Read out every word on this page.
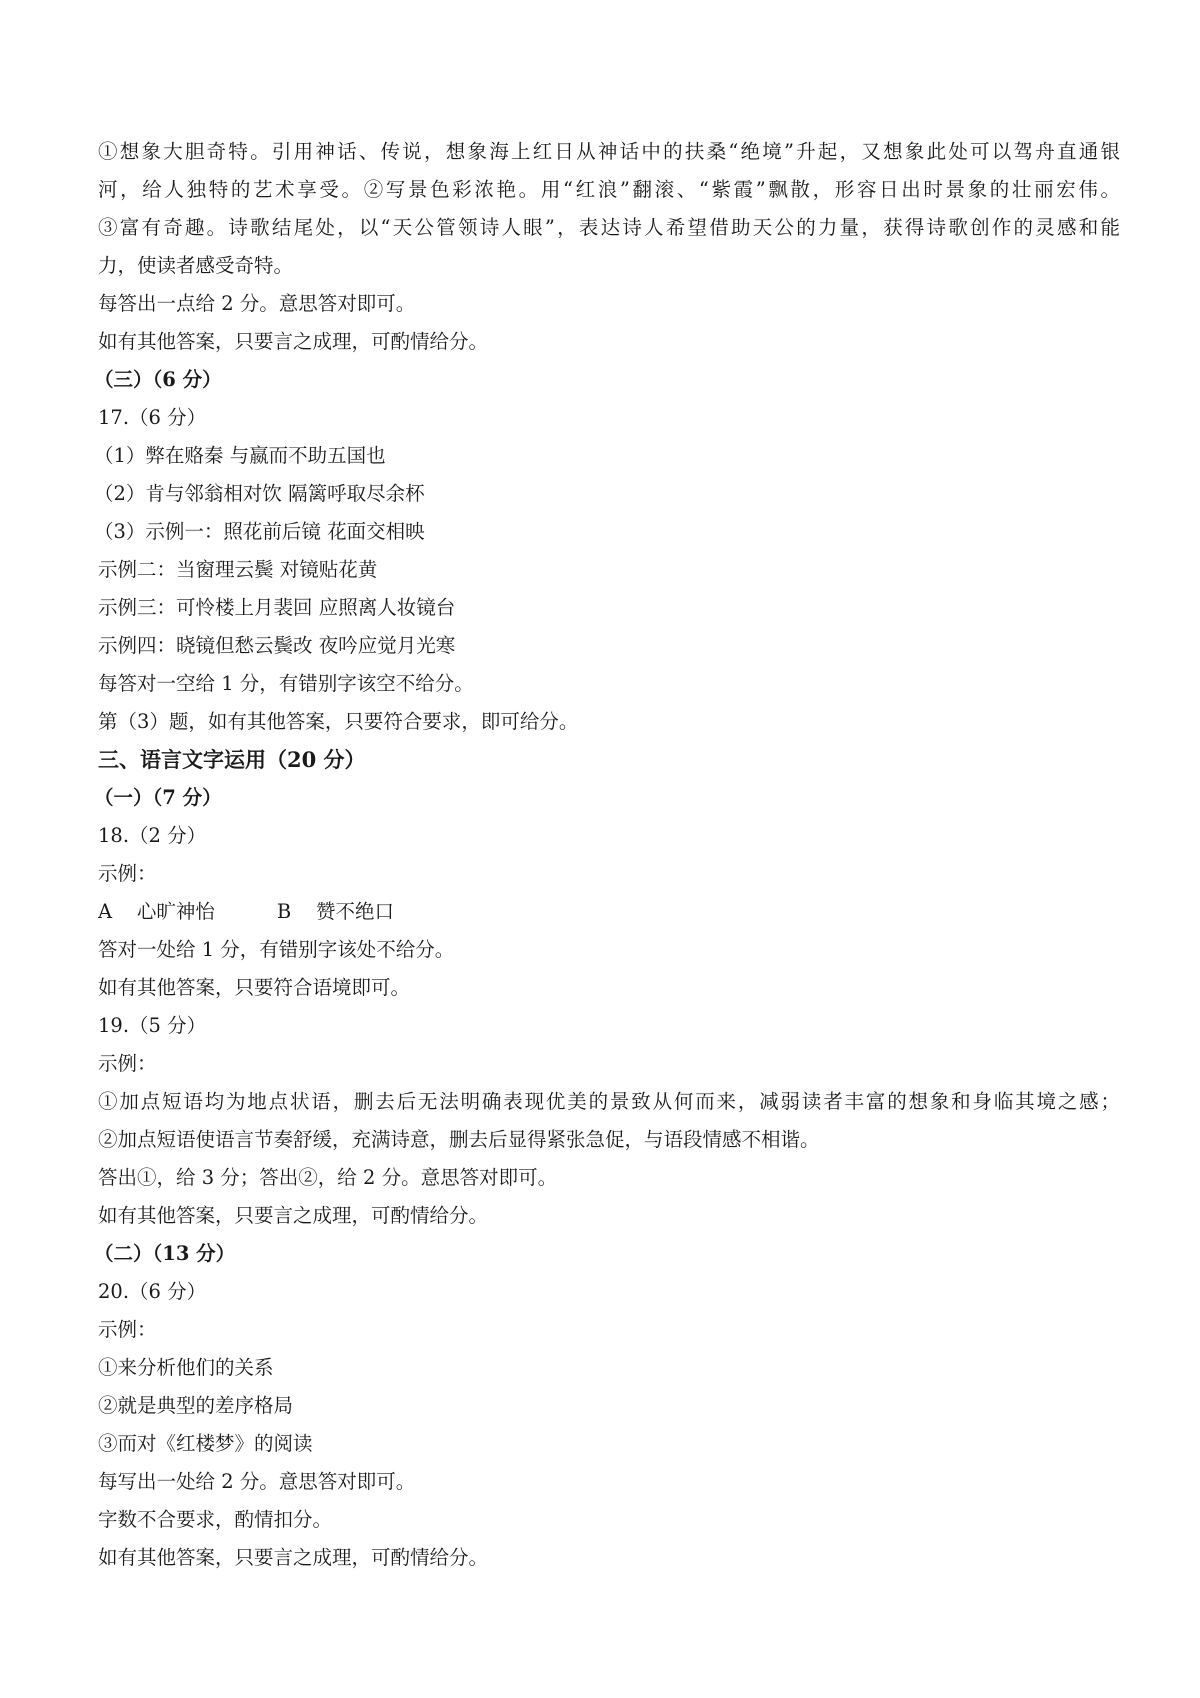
①想象大胆奇特。引用神话、传说，想象海上红日从神话中的扶桑“绝境”升起，又想象此处可以驾舟直通银
河，给人独特的艺术享受。②写景色彩浓艳。用“红浪”翻滚、“紫霞”飘散，形容日出时景象的壮丽宏伟。
③富有奇趣。诗歌结尾处，以“天公管领诗人眼”，表达诗人希望借助天公的力量，获得诗歌创作的灵感和能
力，使读者感受奇特。
每答出一点给 2 分。意思答对即可。
如有其他答案，只要言之成理，可酌情给分。
（三）（6 分）
17.（6 分）
（1）弊在赂秦 与嬴而不助五国也
（2）肯与邻翁相对饮 隔篱呼取尽余杯
（3）示例一：照花前后镜 花面交相映
示例二：当窗理云鬓 对镜贴花黄
示例三：可怜楼上月裴回 应照离人妆镜台
示例四：晓镜但愁云鬓改 夜吟应觉月光寒
每答对一空给 1 分，有错别字该空不给分。
第（3）题，如有其他答案，只要符合要求，即可给分。
三、语言文字运用（20 分）
（一）（7 分）
18.（2 分）
示例：
A    心旷神怡          B    赞不绝口
答对一处给 1 分，有错别字该处不给分。
如有其他答案，只要符合语境即可。
19.（5 分）
示例：
①加点短语均为地点状语，删去后无法明确表现优美的景致从何而来，减弱读者丰富的想象和身临其境之感；
②加点短语使语言节奏舒缓，充满诗意，删去后显得紧张急促，与语段情感不相谐。
答出①，给 3 分；答出②，给 2 分。意思答对即可。
如有其他答案，只要言之成理，可酌情给分。
（二）（13 分）
20.（6 分）
示例：
①来分析他们的关系
②就是典型的差序格局
③而对《红楼梦》的阅读
每写出一处给 2 分。意思答对即可。
字数不合要求，酌情扣分。
如有其他答案，只要言之成理，可酌情给分。
